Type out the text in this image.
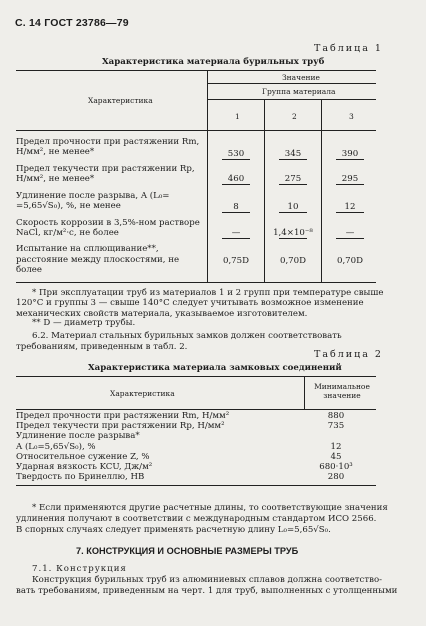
С. 14 ГОСТ 23786—79
Таблица 1
Характеристика материала бурильных труб
Характеристика
Значение
Группа материала
1	2	3
Предел прочности при растяжении Rm,
Н/мм², не менее*	530	345	390
Предел текучести при растяжении Rp,
Н/мм², не менее*	460	275	295
Удлинение после разрыва, A (L₀=
=5,65√S₀), %, не менее	8	10	12
Скорость коррозии в 3,5%-ном растворе
NaCl, кг/м²·с, не более	—	1,4×10⁻⁸	—
Испытание на сплющивание**, расстояние между плоскостями, не более
0,75D	0,70D	0,70D
* При эксплуатации труб из материалов 1 и 2 групп при температуре свыше
120°С и группы 3 — свыше 140°С следует учитывать возможное изменение механических свойств материала, указываемое изготовителем.
** D — диаметр трубы.
6.2. Материал стальных бурильных замков должен соответствовать требованиям, приведенным в табл. 2.
Таблица 2
Характеристика материала замковых соединений
Характеристика
Минимальное значение
Предел прочности при растяжении Rm, Н/мм²	880
Предел текучести при растяжении Rp, Н/мм²	735
Удлинение после разрыва*
A (L₀=5,65√S₀), %	12
Относительное сужение Z, %	45
Ударная вязкость KCU, Дж/м²	680·10³
Твердость по Бринеллю, НВ	280
* Если применяются другие расчетные длины, то соответствующие значения
удлинения получают в соответствии с международным стандартом ИСО 2566.
В спорных случаях следует применять расчетную длину L₀=5,65√S₀.
7. КОНСТРУКЦИЯ И ОСНОВНЫЕ РАЗМЕРЫ ТРУБ
7.1. Конструкция
Конструкция бурильных труб из алюминиевых сплавов должна соответство-
вать требованиям, приведенным на черт. 1 для труб, выполненных с утолщенными
